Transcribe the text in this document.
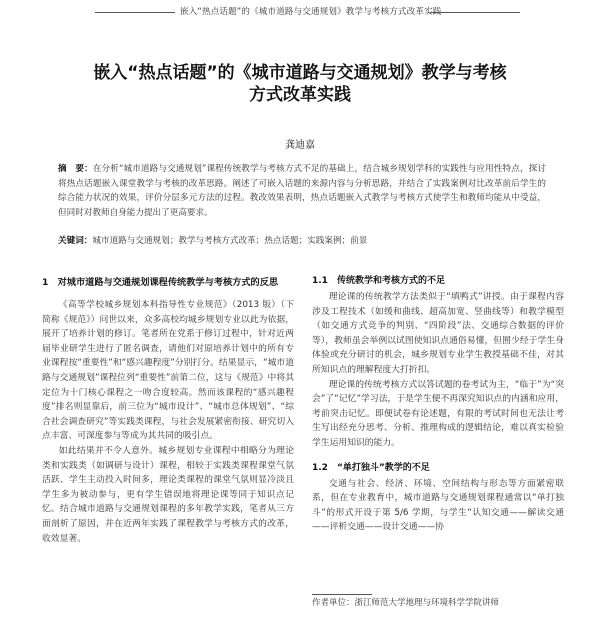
嵌入“热点话题”的《城市道路与交通规划》教学与考核方式改革实践
嵌入“热点话题”的《城市道路与交通规划》教学与考核
方式改革实践
龚迪嘉
摘　要：在分析“城市道路与交通规划”课程传统教学与考核方式不足的基础上，结合城乡规划学科的实践性与应用性特点，探讨将热点话题嵌入课堂教学与考核的改革思路。阐述了可嵌入话题的来源内容与分析思路，并结合了实践案例对比改革前后学生的综合能力状况的效果，评价分层多元方法的过程。教改效果表明，热点话题嵌入式教学与考核方式使学生和教师均能从中受益，但同时对教师自身能力提出了更高要求。
关键词：城市道路与交通规划；教学与考核方式改革；热点话题；实践案例；前景
1　对城市道路与交通规划课程传统教学与考核方式的反思

《高等学校城乡规划本科指导性专业规范》（2013 版）（下简称《规范》）问世以来，众多高校均城乡规划专业以此为依据，展开了培养计划的修订。笔者所在党系于修订过程中，针对近两届毕业研学生进行了匿名调查，请他们对原培养计划中的所有专业课程按“重要性”和“感兴趣程度”分别打分。结果显示，“城市道路与交通规划”课程位列“重要性”前第二位，这与《规范》中将其定位为十门核心课程之一吻合度较高。然而该课程的“感兴趣程度”排名则显靠后，前三位为“城市设计”、“城市总体规划”、“综合社会调查研究”等实践类课程，与社会发展紧密衔接、研究切入点丰富、可深度参与等成为其共同的吸引点。

如此结果并不令人意外。城乡规划专业课程中相略分为理论类和实践类（如调研与设计）课程，相较于实践类课程课堂气氛活跃、学生主动投入时间多，理论类课程的课堂气氛则显冷淡且学生多为被动参与，更有学生错误地将理论课等同于知识点记忆。结合城市道路与交通规划课程的多年教学实践，笔者从三方面剖析了原因，并在近两年实践了课程教学与考核方式的改革，收效显著。

1.1　传统教学和考核方式的不足

理论课的传统教学方法类似于“填鸭式”讲授。由于课程内容涉及工程技术（如缓和曲线、超高加宽、竖曲线等）和教学模型（如交通方式竞争的判别、“四阶段”法、交通综合数据的评价等），教师虽会举例以试图使知识点通俗易懂，但囿少经于学生身体验或充分研讨的机会，城乡规划专业学生教授基础不佳，对其所知识点的理解程度大打折扣。

理论课的传统考核方式以答试题的卷考试为主，“临于”为“突会”了“记忆”学习法，于是学生便不再深究知识点的内涵和应用，考前突击记忆。即便试卷有论述题，有限的考试时间也无法让考生写出经充分思考、分析、推理构成的逻辑结论，难以真实检验学生运用知识的能力。

1.2　“单打独斗”教学的不足

交通与社会、经济、环境、空间结构与形态等方面紧密联系，但在专业教育中，城市道路与交通规划课程通常以“单打独斗”的形式开设于第 5/6 学期，与学生“认知交通——解读交通——评析交通——设计交通——协

作者单位：浙江师范大学地理与环境科学学院讲师
